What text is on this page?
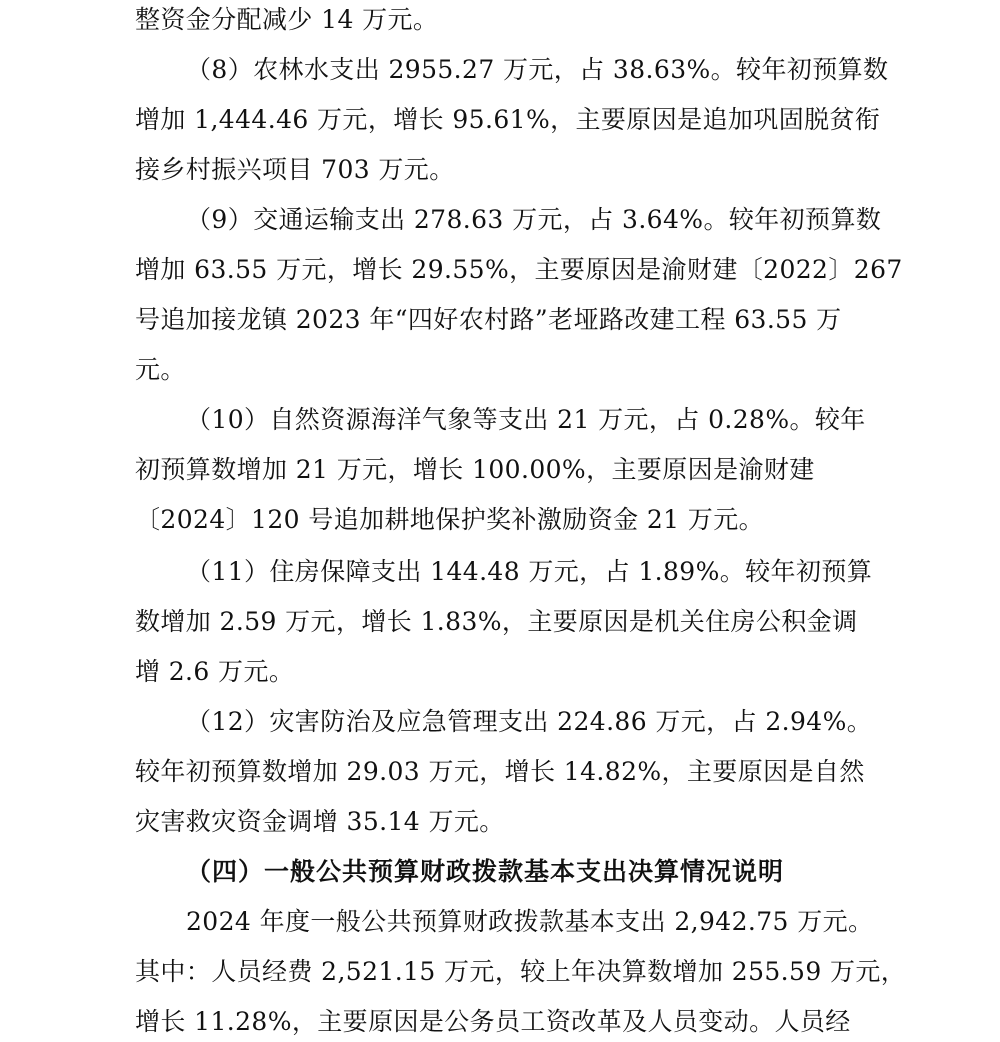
整资金分配减少 14 万元。
（8）农林水支出 2955.27 万元，占 38.63%。较年初预算数
增加 1,444.46 万元，增长 95.61%，主要原因是追加巩固脱贫衔
接乡村振兴项目 703 万元。
（9）交通运输支出 278.63 万元，占 3.64%。较年初预算数
增加 63.55 万元，增长 29.55%，主要原因是渝财建〔2022〕267
号追加接龙镇 2023 年“四好农村路”老垭路改建工程 63.55 万
元。
（10）自然资源海洋气象等支出 21 万元，占 0.28%。较年
初预算数增加 21 万元，增长 100.00%，主要原因是渝财建
〔2024〕120 号追加耕地保护奖补激励资金 21 万元。
（11）住房保障支出 144.48 万元，占 1.89%。较年初预算
数增加 2.59 万元，增长 1.83%，主要原因是机关住房公积金调
增 2.6 万元。
（12）灾害防治及应急管理支出 224.86 万元，占 2.94%。
较年初预算数增加 29.03 万元，增长 14.82%，主要原因是自然
灾害救灾资金调增 35.14 万元。
（四）一般公共预算财政拨款基本支出决算情况说明
2024 年度一般公共预算财政拨款基本支出 2,942.75 万元。
其中：人员经费 2,521.15 万元，较上年决算数增加 255.59 万元，
增长 11.28%，主要原因是公务员工资改革及人员变动。人员经
